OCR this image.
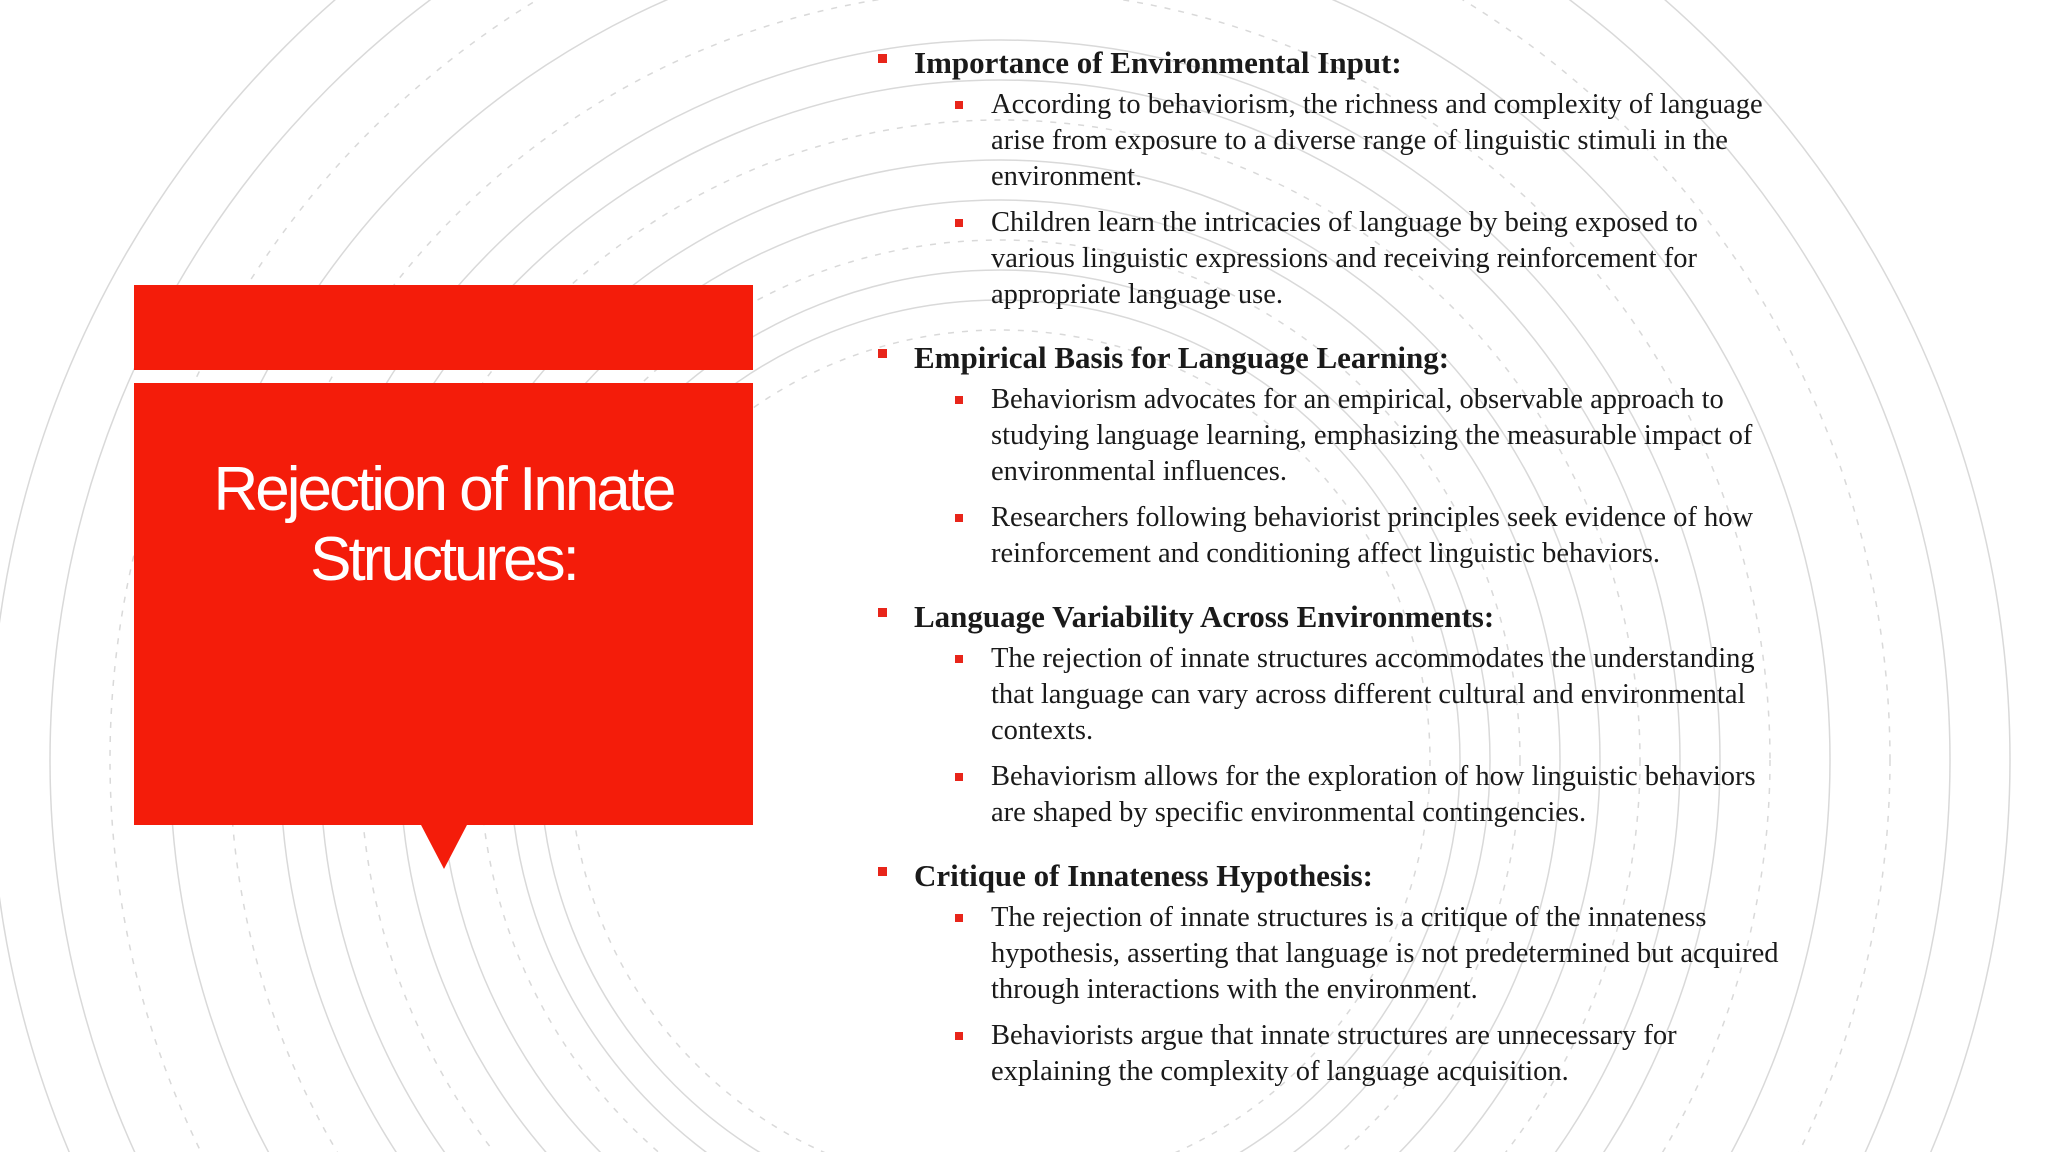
Rejection of Innate Structures:
Importance of Environmental Input:
According to behaviorism, the richness and complexity of language arise from exposure to a diverse range of linguistic stimuli in the environment.
Children learn the intricacies of language by being exposed to various linguistic expressions and receiving reinforcement for appropriate language use.
Empirical Basis for Language Learning:
Behaviorism advocates for an empirical, observable approach to studying language learning, emphasizing the measurable impact of environmental influences.
Researchers following behaviorist principles seek evidence of how reinforcement and conditioning affect linguistic behaviors.
Language Variability Across Environments:
The rejection of innate structures accommodates the understanding that language can vary across different cultural and environmental contexts.
Behaviorism allows for the exploration of how linguistic behaviors are shaped by specific environmental contingencies.
Critique of Innateness Hypothesis:
The rejection of innate structures is a critique of the innateness hypothesis, asserting that language is not predetermined but acquired through interactions with the environment.
Behaviorists argue that innate structures are unnecessary for explaining the complexity of language acquisition.
